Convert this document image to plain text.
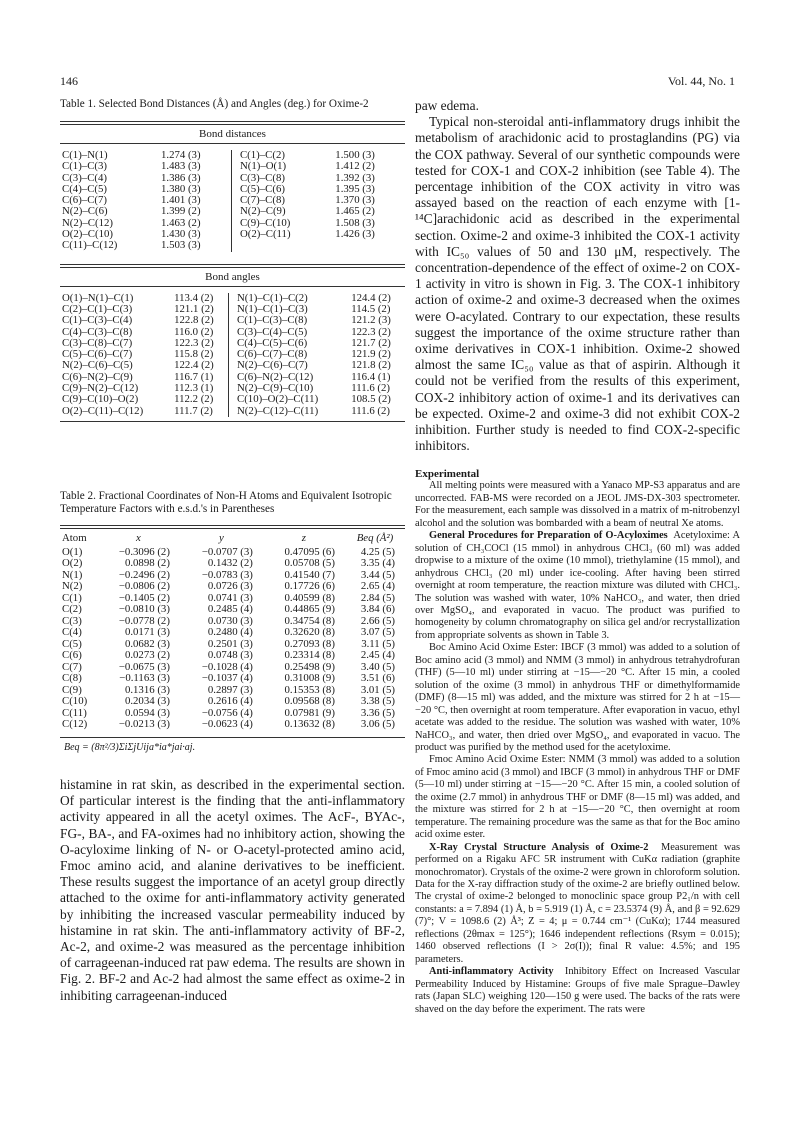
146	Vol. 44, No. 1

Table 1. Selected Bond Distances (Å) and Angles (deg.) for Oxime-2

Bond distances
C(1)–N(1)	1.274 (3)	C(1)–C(2)	1.500 (3)
C(1)–C(3)	1.483 (3)	N(1)–O(1)	1.412 (2)
C(3)–C(4)	1.386 (3)	C(3)–C(8)	1.392 (3)
C(4)–C(5)	1.380 (3)	C(5)–C(6)	1.395 (3)
C(6)–C(7)	1.401 (3)	C(7)–C(8)	1.370 (3)
N(2)–C(6)	1.399 (2)	N(2)–C(9)	1.465 (2)
N(2)–C(12)	1.463 (2)	C(9)–C(10)	1.508 (3)
O(2)–C(10)	1.430 (3)	O(2)–C(11)	1.426 (3)
C(11)–C(12)	1.503 (3)		
Bond angles
O(1)–N(1)–C(1)	113.4 (2)	N(1)–C(1)–C(2)	124.4 (2)
C(2)–C(1)–C(3)	121.1 (2)	N(1)–C(1)–C(3)	114.5 (2)
C(1)–C(3)–C(4)	122.8 (2)	C(1)–C(3)–C(8)	121.2 (3)
C(4)–C(3)–C(8)	116.0 (2)	C(3)–C(4)–C(5)	122.3 (2)
C(3)–C(8)–C(7)	122.3 (2)	C(4)–C(5)–C(6)	121.7 (2)
C(5)–C(6)–C(7)	115.8 (2)	C(6)–C(7)–C(8)	121.9 (2)
N(2)–C(6)–C(5)	122.4 (2)	N(2)–C(6)–C(7)	121.8 (2)
C(6)–N(2)–C(9)	116.7 (1)	C(6)–N(2)–C(12)	116.4 (1)
C(9)–N(2)–C(12)	112.3 (1)	N(2)–C(9)–C(10)	111.6 (2)
C(9)–C(10)–O(2)	112.2 (2)	C(10)–O(2)–C(11)	108.5 (2)
O(2)–C(11)–C(12)	111.7 (2)	N(2)–C(12)–C(11)	111.6 (2)

Table 2. Fractional Coordinates of Non-H Atoms and Equivalent Isotropic Temperature Factors with e.s.d.'s in Parentheses

Atom	x	y	z	Beq (Å²)
O(1)	−0.3096 (2)	−0.0707 (3)	0.47095 (6)	4.25 (5)
O(2)	0.0898 (2)	0.1432 (2)	0.05708 (5)	3.35 (4)
N(1)	−0.2496 (2)	−0.0783 (3)	0.41540 (7)	3.44 (5)
N(2)	−0.0806 (2)	0.0726 (3)	0.17726 (6)	2.65 (4)
C(1)	−0.1405 (2)	0.0741 (3)	0.40599 (8)	2.84 (5)
C(2)	−0.0810 (3)	0.2485 (4)	0.44865 (9)	3.84 (6)
C(3)	−0.0778 (2)	0.0730 (3)	0.34754 (8)	2.66 (5)
C(4)	0.0171 (3)	0.2480 (4)	0.32620 (8)	3.07 (5)
C(5)	0.0682 (3)	0.2501 (3)	0.27093 (8)	3.11 (5)
C(6)	0.0273 (2)	0.0748 (3)	0.23314 (8)	2.45 (4)
C(7)	−0.0675 (3)	−0.1028 (4)	0.25498 (9)	3.40 (5)
C(8)	−0.1163 (3)	−0.1037 (4)	0.31008 (9)	3.51 (6)
C(9)	0.1316 (3)	0.2897 (3)	0.15353 (8)	3.01 (5)
C(10)	0.2034 (3)	0.2616 (4)	0.09568 (8)	3.38 (5)
C(11)	0.0594 (3)	−0.0756 (4)	0.07981 (9)	3.36 (5)
C(12)	−0.0213 (3)	−0.0623 (4)	0.13632 (8)	3.06 (5)
Beq = (8π²/3)ΣiΣjUija*ia*jai·aj.

histamine in rat skin, as described in the experimental section. Of particular interest is the finding that the anti-inflammatory activity appeared in all the acetyl oximes. The AcF-, BYAc-, FG-, BA-, and FA-oximes had no inhibitory action, showing the O-acyloxime linking of N- or O-acetyl-protected amino acid, Fmoc amino acid, and alanine derivatives to be inefficient. These results suggest the importance of an acetyl group directly attached to the oxime for anti-inflammatory activity generated by inhibiting the increased vascular permeability induced by histamine in rat skin. The anti-inflammatory activity of BF-2, Ac-2, and oxime-2 was measured as the percentage inhibition of carrageenan-induced rat paw edema. The results are shown in Fig. 2. BF-2 and Ac-2 had almost the same effect as oxime-2 in inhibiting carrageenan-induced

paw edema.

Typical non-steroidal anti-inflammatory drugs inhibit the metabolism of arachidonic acid to prostaglandins (PG) via the COX pathway. Several of our synthetic compounds were tested for COX-1 and COX-2 inhibition (see Table 4). The percentage inhibition of the COX activity in vitro was assayed based on the reaction of each enzyme with [1-¹⁴C]arachidonic acid as described in the experimental section. Oxime-2 and oxime-3 inhibited the COX-1 activity with IC₅₀ values of 50 and 130 μM, respectively. The concentration-dependence of the effect of oxime-2 on COX-1 activity in vitro is shown in Fig. 3. The COX-1 inhibitory action of oxime-2 and oxime-3 decreased when the oximes were O-acylated. Contrary to our expectation, these results suggest the importance of the oxime structure rather than oxime derivatives in COX-1 inhibition. Oxime-2 showed almost the same IC₅₀ value as that of aspirin. Although it could not be verified from the results of this experiment, COX-2 inhibitory action of oxime-1 and its derivatives can be expected. Oxime-2 and oxime-3 did not exhibit COX-2 inhibition. Further study is needed to find COX-2-specific inhibitors.

Experimental

All melting points were measured with a Yanaco MP-S3 apparatus and are uncorrected. FAB-MS were recorded on a JEOL JMS-DX-303 spectrometer. For the measurement, each sample was dissolved in a matrix of m-nitrobenzyl alcohol and the solution was bombarded with a beam of neutral Xe atoms.

General Procedures for Preparation of O-Acyloximes Acetyloxime: A solution of CH₃COCl (15 mmol) in anhydrous CHCl₃ (60 ml) was added dropwise to a mixture of the oxime (10 mmol), triethylamine (15 mmol), and anhydrous CHCl₃ (20 ml) under ice-cooling. After having been stirred overnight at room temperature, the reaction mixture was diluted with CHCl₃. The solution was washed with water, 10% NaHCO₃, and water, then dried over MgSO₄, and evaporated in vacuo. The product was purified to homogeneity by column chromatography on silica gel and/or recrystallization from appropriate solvents as shown in Table 3.

Boc Amino Acid Oxime Ester: IBCF (3 mmol) was added to a solution of Boc amino acid (3 mmol) and NMM (3 mmol) in anhydrous tetrahydrofuran (THF) (5—10 ml) under stirring at −15—−20 °C. After 15 min, a cooled solution of the oxime (3 mmol) in anhydrous THF or dimethylformamide (DMF) (8—15 ml) was added, and the mixture was stirred for 2 h at −15—−20 °C, then overnight at room temperature. After evaporation in vacuo, ethyl acetate was added to the residue. The solution was washed with water, 10% NaHCO₃, and water, then dried over MgSO₄, and evaporated in vacuo. The product was purified by the method used for the acetyloxime.

Fmoc Amino Acid Oxime Ester: NMM (3 mmol) was added to a solution of Fmoc amino acid (3 mmol) and IBCF (3 mmol) in anhydrous THF or DMF (5—10 ml) under stirring at −15—−20 °C. After 15 min, a cooled solution of the oxime (2.7 mmol) in anhydrous THF or DMF (8—15 ml) was added, and the mixture was stirred for 2 h at −15—−20 °C, then overnight at room temperature. The remaining procedure was the same as that for the Boc amino acid oxime ester.

X-Ray Crystal Structure Analysis of Oxime-2 Measurement was performed on a Rigaku AFC 5R instrument with CuKα radiation (graphite monochromator). Crystals of the oxime-2 were grown in chloroform solution. Data for the X-ray diffraction study of the oxime-2 are briefly outlined below. The crystal of oxime-2 belonged to monoclinic space group P2₁/n with cell constants: a = 7.894 (1) Å, b = 5.919 (1) Å, c = 23.5374 (9) Å, and β = 92.629 (7)°; V = 1098.6 (2) Å³; Z = 4; μ = 0.744 cm⁻¹ (CuKα); 1744 measured reflections (2θmax = 125°); 1646 independent reflections (Rsym = 0.015); 1460 observed reflections (I > 2σ(I)); final R value: 4.5%; and 195 parameters.

Anti-inflammatory Activity Inhibitory Effect on Increased Vascular Permeability Induced by Histamine: Groups of five male Sprague–Dawley rats (Japan SLC) weighing 120—150 g were used. The backs of the rats were shaved on the day before the experiment. The rats were
